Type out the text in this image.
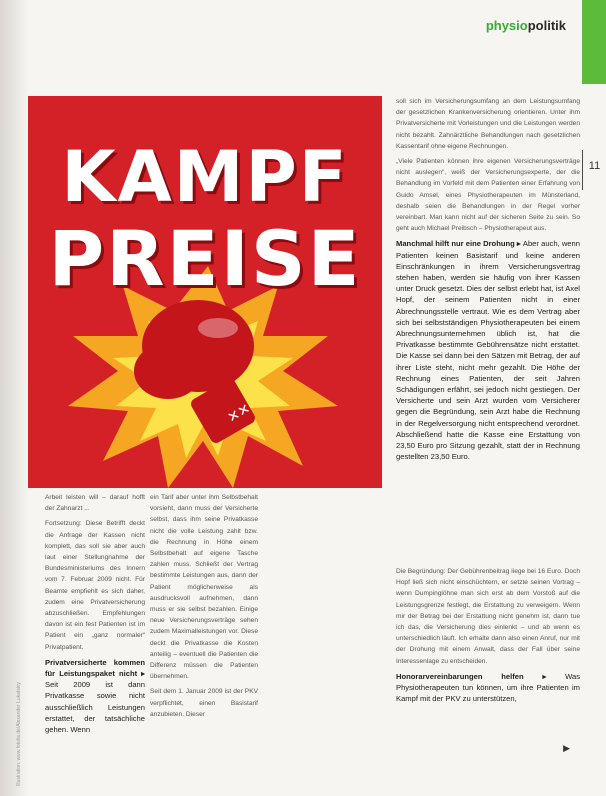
physiopolitik
11
✕✕
KAMPF
PREISE
Illustration: www.fotolia.de/Alexander Lukatskiy

Arbeit leisten will – darauf hofft der Zahnarzt ...

Fortsetzung: Diese Betrifft deckt die Anfrage der Kassen nicht komplett, das soll sie aber auch laut einer Stellungnahme der Bundesministeriums des Innern vom 7. Februar 2009 nicht. Für Beamte empfiehlt es sich daher, zudem eine Privatversicherung abzuschließen. Empfehlungen davon ist ein fest Patienten ist im Patient ein „ganz normaler“ Privatpatient.

Privatversicherte kommen für Leistungspaket nicht ▸ Seit 2009 ist dann Privatkasse sowie nicht ausschließlich Leistungen erstattet, der tatsächliche gehen. Wenn

ein Tarif aber unter ihm Selbstbehalt vorsieht, dann muss der Versicherte selbst, dass ihm seine Privatkasse nicht die volle Leistung zahlt bzw. die Rechnung in Höhe einem Selbstbehalt auf eigene Tasche zahlen muss. Schließt der Vertrag bestimmte Leistungen aus, dann der Patient möglicherweise als ausdrucksvoll aufnehmen, dann muss er sie selbst bezahlen. Einige neue Versicherungsverträge sehen zudem Maximalleistungen vor. Diese deckt die Privatkasse die Kosten anteilig – eventuell die Patienten die Differenz müssen die Patienten übernehmen.

Seit dem 1. Januar 2009 ist der PKV verpflichtet, einen Basistarif anzubieten. Dieser

soll sich im Versicherungsumfang an dem Leistungsumfang der gesetzlichen Krankenversicherung orientieren. Unter ihm Privatversicherte mit Vorleistungen und die Leistungen werden nicht bezahlt. Zahnärztliche Behandlungen nach gesetzlichen Kassentarif ohne eigene Rechnungen.

„Viele Patienten können ihre eigenen Versicherungsverträge nicht auslegen“, weiß der Versicherungsexperte, der die Behandlung im Vorfeld mit dem Patienten einer Erfahrung von Guido Amsel, eines Physiotherapeuten im Münsterland, deshalb seien die Behandlungen in der Regel vorher vereinbart. Man kann nicht auf der sicheren Seite zu sein. So geht auch Michael Preibsch – Physiotherapeut aus.

Manchmal hilft nur eine Drohung ▸ Aber auch, wenn Patienten keinen Basistarif und keine anderen Einschränkungen in ihrem Versicherungsvertrag stehen haben, werden sie häufig von ihrer Kassen unter Druck gesetzt. Dies der selbst erlebt hat, ist Axel Hopf, der seinem Patienten nicht in einer Abrechnungsstelle vertraut. Wie es dem Vertrag aber sich bei selbstständigen Physiotherapeuten bei einem Abrechnungsunternehmen üblich ist, hat die Privatkasse bestimmte Gebührensätze nicht erstattet. Die Kasse sei dann bei den Sätzen mit Betrag, der auf ihrer Liste steht, nicht mehr gezahlt. Die Höhe der Rechnung eines Patienten, der seit Jahren Schädigungen erfährt, sei jedoch nicht gestiegen. Der Versicherte und sein Arzt wurden vom Versicherer gegen die Begründung, sein Arzt habe die Rechnung in der Regelversorgung nicht entsprechend verordnet. Abschließend hatte die Kasse eine Erstattung von 23,50 Euro pro Sitzung gezahlt, statt der in Rechnung gestellten 23,50 Euro.

Die Begründung: Der Gebührenbeitrag liege bei 16 Euro. Doch Hopf ließ sich nicht einschüchtern, er setzte seinen Vortrag – wenn Dumpinglöhne man sich erst ab dem Vorstoß auf die Leistungsgrenze festlegt, die Erstattung zu verweigern. Wenn mir der Betrag bei der Erstattung nicht genehm ist, dann tue ich das, die Versicherung dies einlenkt – und ab wenn es unterschiedlich läuft. Ich erhalte dann also einen Anruf, nur mit der Drohung mit einem Anwalt, dass der Fall über seine Interessenlage zu entscheiden.

Honorarvereinbarungen helfen ▸ Was Physiotherapeuten tun können, um ihre Patienten im Kampf mit der PKV zu unterstützen,

▶
